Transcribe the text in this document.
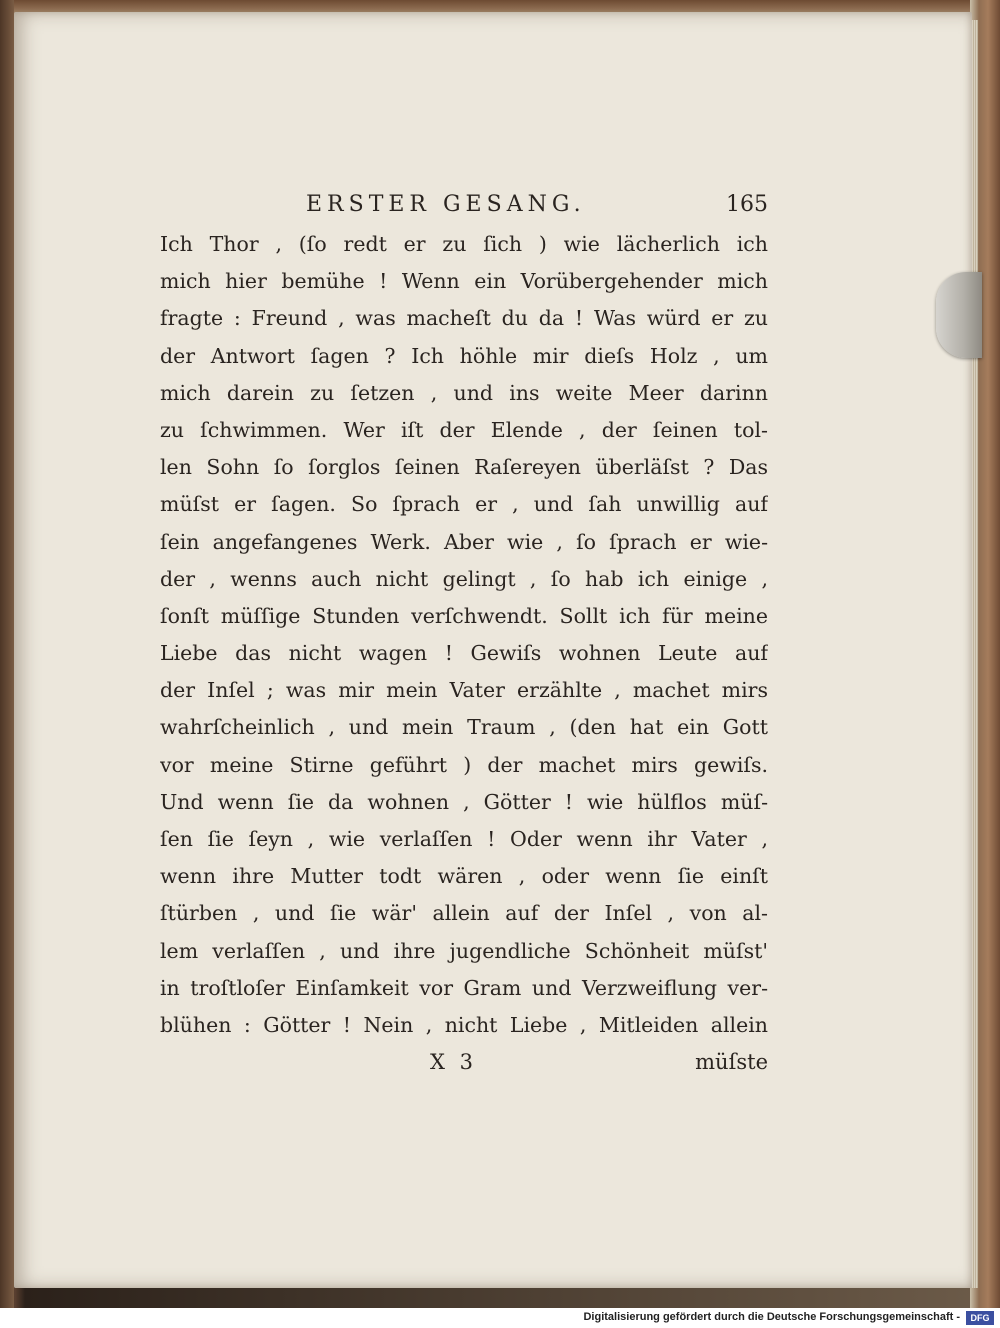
ERSTER GESANG.	165
Ich Thor , (ſo redt er zu ſich ) wie lächerlich ich
mich hier bemühe ! Wenn ein Vorübergehender mich
fragte : Freund , was macheſt du da ! Was würd er zu
der Antwort ſagen ? Ich höhle mir dieſs Holz , um
mich darein zu ſetzen , und ins weite Meer darinn
zu ſchwimmen. Wer iſt der Elende , der ſeinen tol-
len Sohn ſo ſorglos ſeinen Raſereyen überläſst ? Das
müſst er ſagen. So ſprach er , und ſah unwillig auf
ſein angefangenes Werk. Aber wie , ſo ſprach er wie-
der , wenns auch nicht gelingt , ſo hab ich einige ,
ſonſt müſſige Stunden verſchwendt. Sollt ich für meine
Liebe das nicht wagen ! Gewiſs wohnen Leute auf
der Inſel ; was mir mein Vater erzählte , machet mirs
wahrſcheinlich , und mein Traum , (den hat ein Gott
vor meine Stirne geführt ) der machet mirs gewiſs.
Und wenn ſie da wohnen , Götter ! wie hülflos müſ-
ſen ſie ſeyn , wie verlaſſen ! Oder wenn ihr Vater ,
wenn ihre Mutter todt wären , oder wenn ſie einſt
ſtürben , und ſie wär' allein auf der Inſel , von al-
lem verlaſſen , und ihre jugendliche Schönheit müſst'
in troſtloſer Einſamkeit vor Gram und Verzweiflung ver-
blühen : Götter ! Nein , nicht Liebe , Mitleiden allein
X 3	müſste
Digitalisierung gefördert durch die Deutsche Forschungsgemeinschaft -	DFG
